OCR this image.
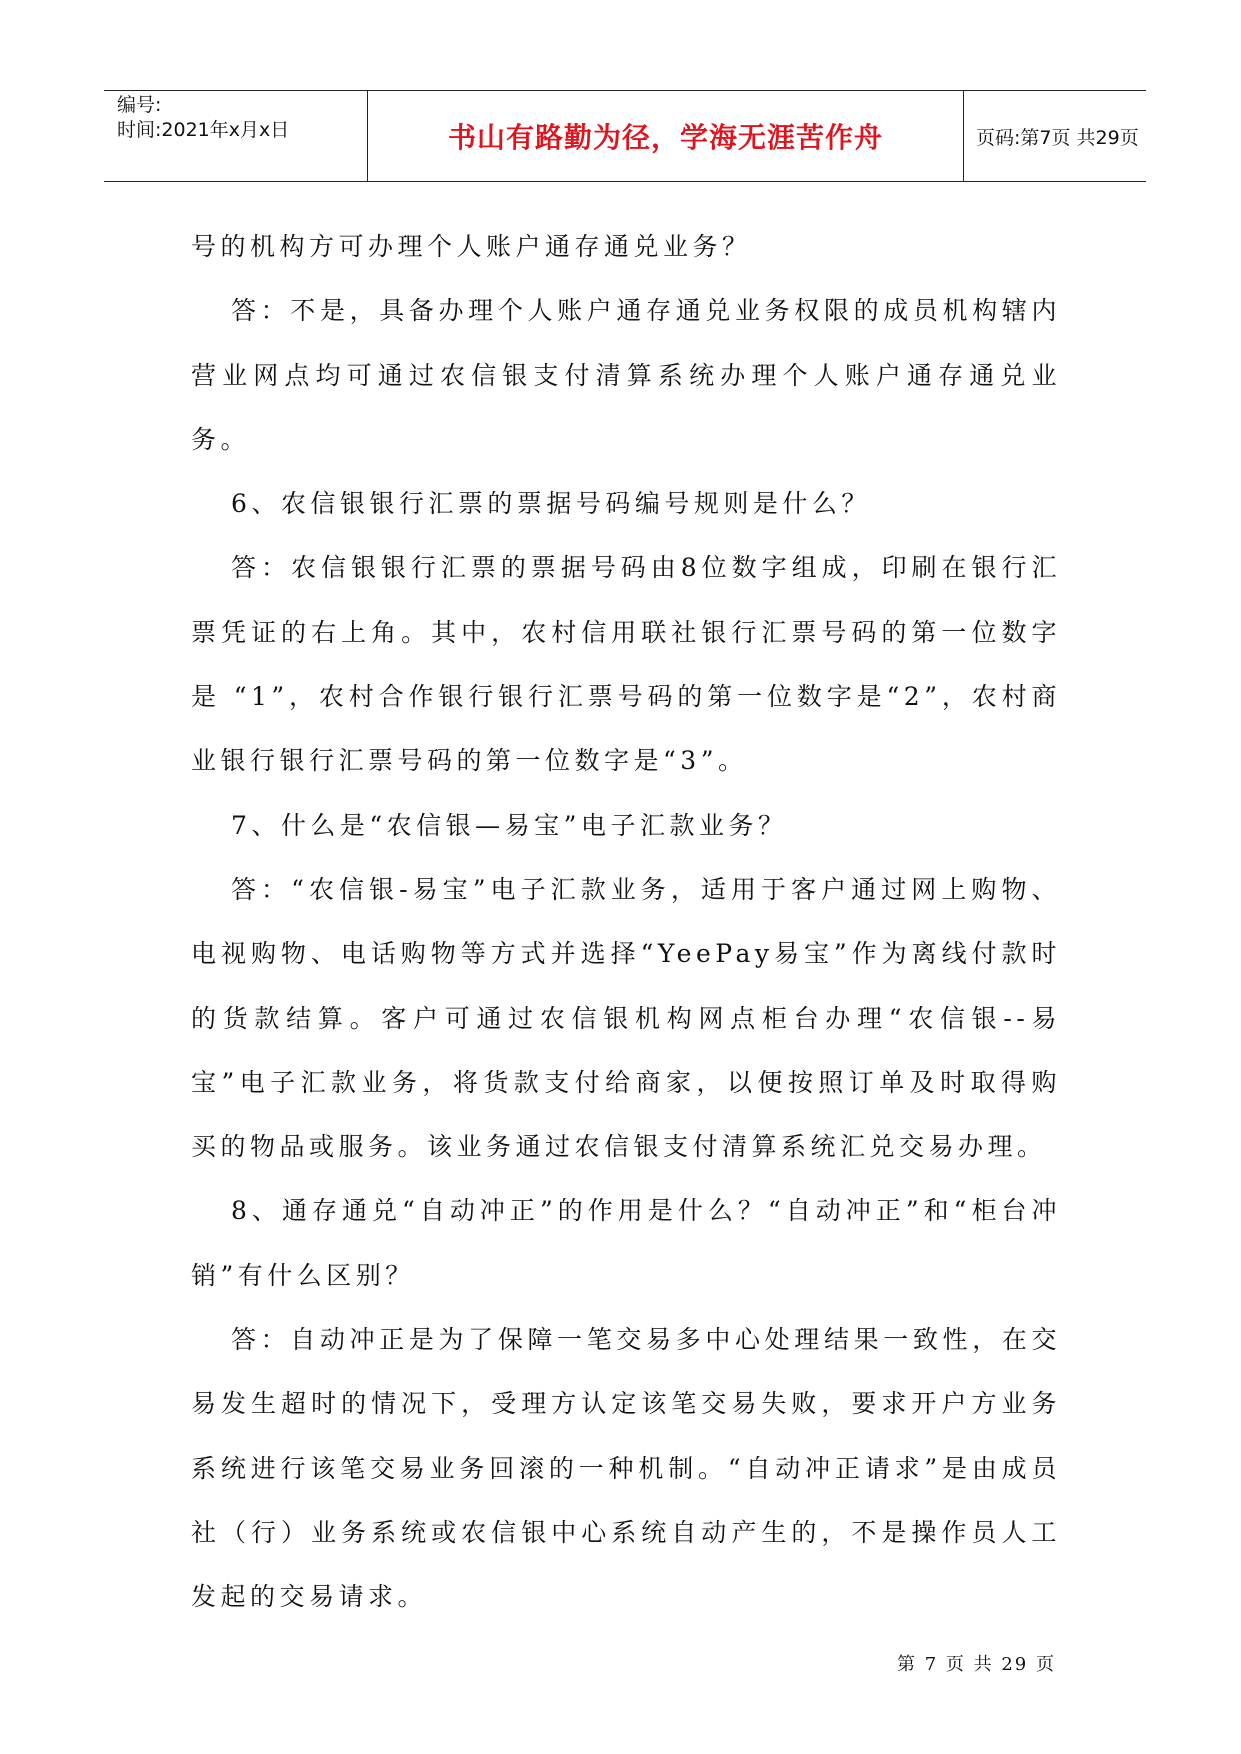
编号:
时间:2021年x月x日	书山有路勤为径，学海无涯苦作舟	页码:第7页 共29页

号的机构方可办理个人账户通存通兑业务？

答：不是，具备办理个人账户通存通兑业务权限的成员机构辖内营业网点均可通过农信银支付清算系统办理个人账户通存通兑业务。

6、农信银银行汇票的票据号码编号规则是什么？

答：农信银银行汇票的票据号码由8位数字组成，印刷在银行汇票凭证的右上角。其中，农村信用联社银行汇票号码的第一位数字是 “1”，农村合作银行银行汇票号码的第一位数字是“2”，农村商业银行银行汇票号码的第一位数字是“3”。

7、什么是“农信银—易宝”电子汇款业务？

答：“农信银-易宝”电子汇款业务，适用于客户通过网上购物、电视购物、电话购物等方式并选择“YeePay易宝”作为离线付款时的货款结算。客户可通过农信银机构网点柜台办理“农信银--易宝”电子汇款业务，将货款支付给商家，以便按照订单及时取得购买的物品或服务。该业务通过农信银支付清算系统汇兑交易办理。

8、通存通兑“自动冲正”的作用是什么？“自动冲正”和“柜台冲销”有什么区别？

答：自动冲正是为了保障一笔交易多中心处理结果一致性，在交易发生超时的情况下，受理方认定该笔交易失败，要求开户方业务系统进行该笔交易业务回滚的一种机制。“自动冲正请求”是由成员社（行）业务系统或农信银中心系统自动产生的，不是操作员人工发起的交易请求。

第 7 页 共 29 页
